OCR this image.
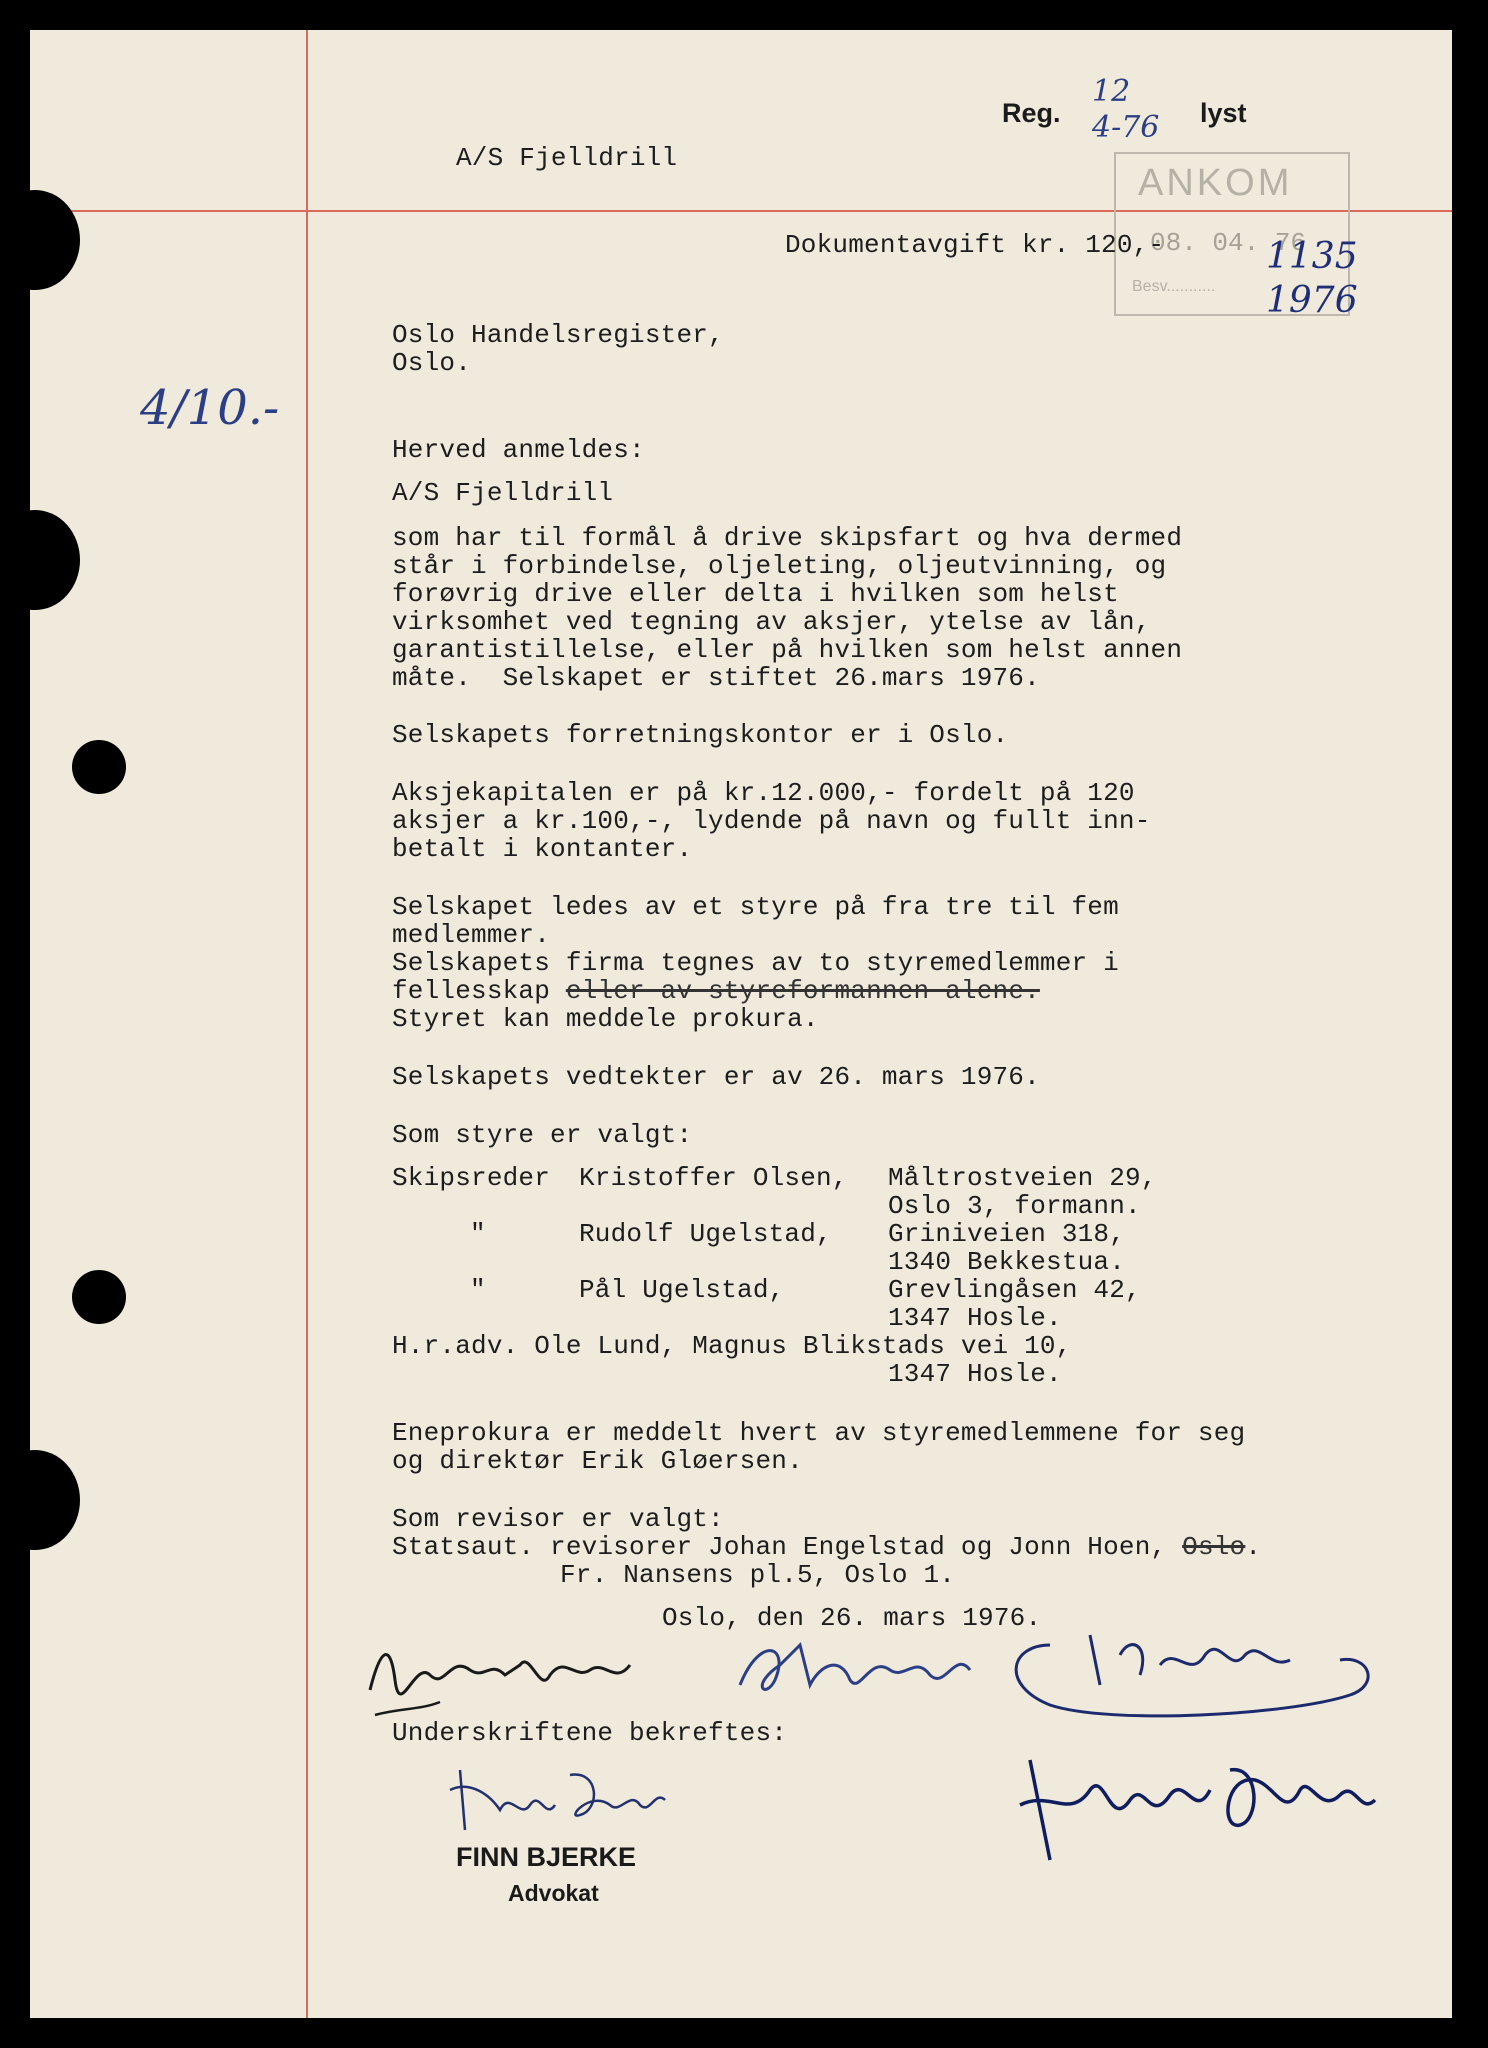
A/S Fjelldrill
Reg.
12
4-76 lyst
ANKOM
Besv...........
08. 04. 76
Dokumentavgift kr. 120,-	1135
1976
4/10.-
Oslo Handelsregister,
Oslo.
Herved anmeldes:
A/S Fjelldrill
som har til formål å drive skipsfart og hva dermed
står i forbindelse, oljeleting, oljeutvinning, og
forøvrig drive eller delta i hvilken som helst
virksomhet ved tegning av aksjer, ytelse av lån,
garantistillelse, eller på hvilken som helst annen
måte.  Selskapet er stiftet 26.mars 1976.
Selskapets forretningskontor er i Oslo.
Aksjekapitalen er på kr.12.000,- fordelt på 120
aksjer a kr.100,-, lydende på navn og fullt inn-
betalt i kontanter.
Selskapet ledes av et styre på fra tre til fem
medlemmer.
Selskapets firma tegnes av to styremedlemmer i
fellesskap eller av styreformannen alene.
Styret kan meddele prokura.
Selskapets vedtekter er av 26. mars 1976.
Som styre er valgt:
Skipsreder Kristoffer Olsen, Måltrostveien 29,
Oslo 3, formann.
"	Rudolf Ugelstad, Griniveien 318,
1340 Bekkestua.
"	Pål Ugelstad,	Grevlingåsen 42,
1347 Hosle.
H.r.adv. Ole Lund, Magnus Blikstads vei 10,
1347 Hosle.
Eneprokura er meddelt hvert av styremedlemmene for seg
og direktør Erik Gløersen.
Som revisor er valgt:
Statsaut. revisorer Johan Engelstad og Jonn Hoen, Oslo.
Fr. Nansens pl.5, Oslo 1.
Oslo, den 26. mars 1976.
Underskriftene bekreftes:
FINN BJERKE
Advokat
